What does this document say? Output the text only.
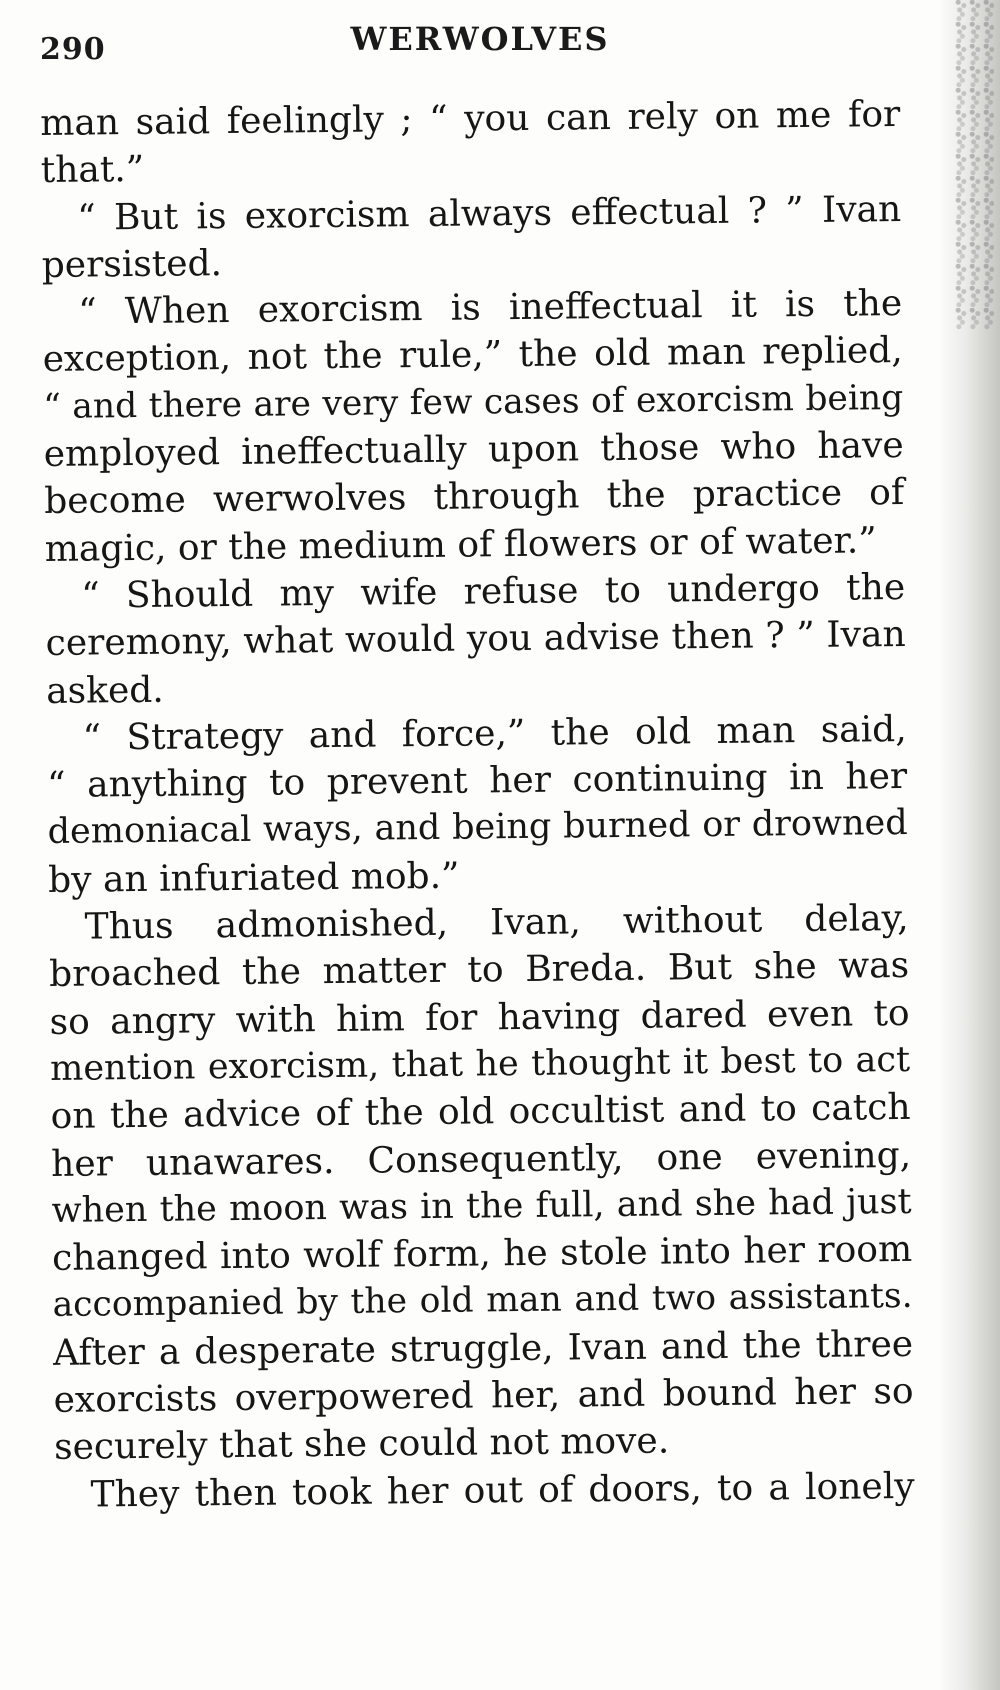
290	WERWOLVES
man said feelingly ; “ you can rely on me for
that.”
“ But is exorcism always effectual ? ” Ivan
persisted.
“ When exorcism is ineffectual it is the
exception, not the rule,” the old man replied,
“ and there are very few cases of exorcism being
employed ineffectually upon those who have
become werwolves through the practice of
magic, or the medium of flowers or of water.”
“ Should my wife refuse to undergo the
ceremony, what would you advise then ? ” Ivan
asked.
“ Strategy and force,” the old man said,
“ anything to prevent her continuing in her
demoniacal ways, and being burned or drowned
by an infuriated mob.”
Thus admonished, Ivan, without delay,
broached the matter to Breda. But she was
so angry with him for having dared even to
mention exorcism, that he thought it best to act
on the advice of the old occultist and to catch
her unawares. Consequently, one evening,
when the moon was in the full, and she had just
changed into wolf form, he stole into her room
accompanied by the old man and two assistants.
After a desperate struggle, Ivan and the three
exorcists overpowered her, and bound her so
securely that she could not move.
They then took her out of doors, to a lonely
